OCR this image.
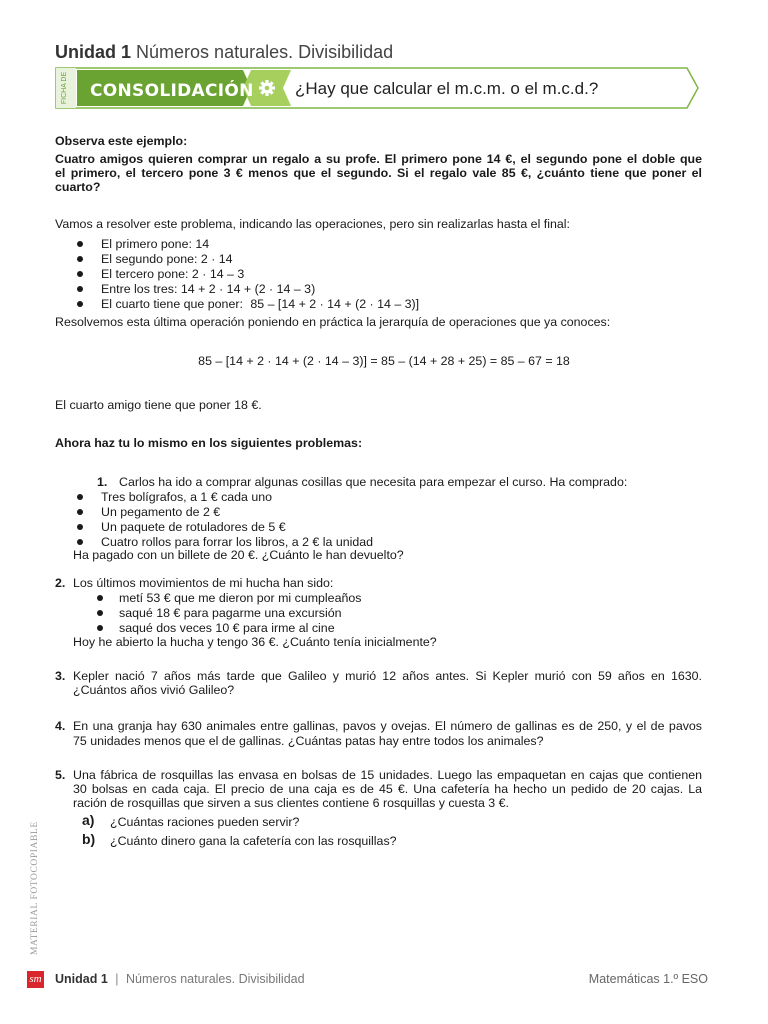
Unidad 1 Números naturales. Divisibilidad
FICHA DE CONSOLIDACIÓN ¿Hay que calcular el m.c.m. o el m.c.d.?
Observa este ejemplo:
Cuatro amigos quieren comprar un regalo a su profe. El primero pone 14 €, el segundo pone el doble que
el primero, el tercero pone 3 € menos que el segundo. Si el regalo vale 85 €, ¿cuánto tiene que poner el
cuarto?
Vamos a resolver este problema, indicando las operaciones, pero sin realizarlas hasta el final:
El primero pone: 14
El segundo pone: 2 · 14
El tercero pone: 2 · 14 – 3
Entre los tres: 14 + 2 · 14 + (2 · 14 – 3)
El cuarto tiene que poner: 85 – [14 + 2 · 14 + (2 · 14 – 3)]
Resolvemos esta última operación poniendo en práctica la jerarquía de operaciones que ya conoces:
85 – [14 + 2 · 14 + (2 · 14 – 3)] = 85 – (14 + 28 + 25) = 85 – 67 = 18
El cuarto amigo tiene que poner 18 €.
Ahora haz tu lo mismo en los siguientes problemas:
1. Carlos ha ido a comprar algunas cosillas que necesita para empezar el curso. Ha comprado:
Tres bolígrafos, a 1 € cada uno
Un pegamento de 2 €
Un paquete de rotuladores de 5 €
Cuatro rollos para forrar los libros, a 2 € la unidad
Ha pagado con un billete de 20 €. ¿Cuánto le han devuelto?
2. Los últimos movimientos de mi hucha han sido:
metí 53 € que me dieron por mi cumpleaños
saqué 18 € para pagarme una excursión
saqué dos veces 10 € para irme al cine
Hoy he abierto la hucha y tengo 36 €. ¿Cuánto tenía inicialmente?
3. Kepler nació 7 años más tarde que Galileo y murió 12 años antes. Si Kepler murió con 59 años en 1630.
¿Cuántos años vivió Galileo?
4. En una granja hay 630 animales entre gallinas, pavos y ovejas. El número de gallinas es de 250, y el de pavos
75 unidades menos que el de gallinas. ¿Cuántas patas hay entre todos los animales?
5. Una fábrica de rosquillas las envasa en bolsas de 15 unidades. Luego las empaquetan en cajas que contienen
30 bolsas en cada caja. El precio de una caja es de 45 €. Una cafetería ha hecho un pedido de 20 cajas. La
ración de rosquillas que sirven a sus clientes contiene 6 rosquillas y cuesta 3 €.
a) ¿Cuántas raciones pueden servir?
b) ¿Cuánto dinero gana la cafetería con las rosquillas?
MATERIAL FOTOCOPIABLE
sm Unidad 1 | Números naturales. Divisibilidad	Matemáticas 1.º ESO
